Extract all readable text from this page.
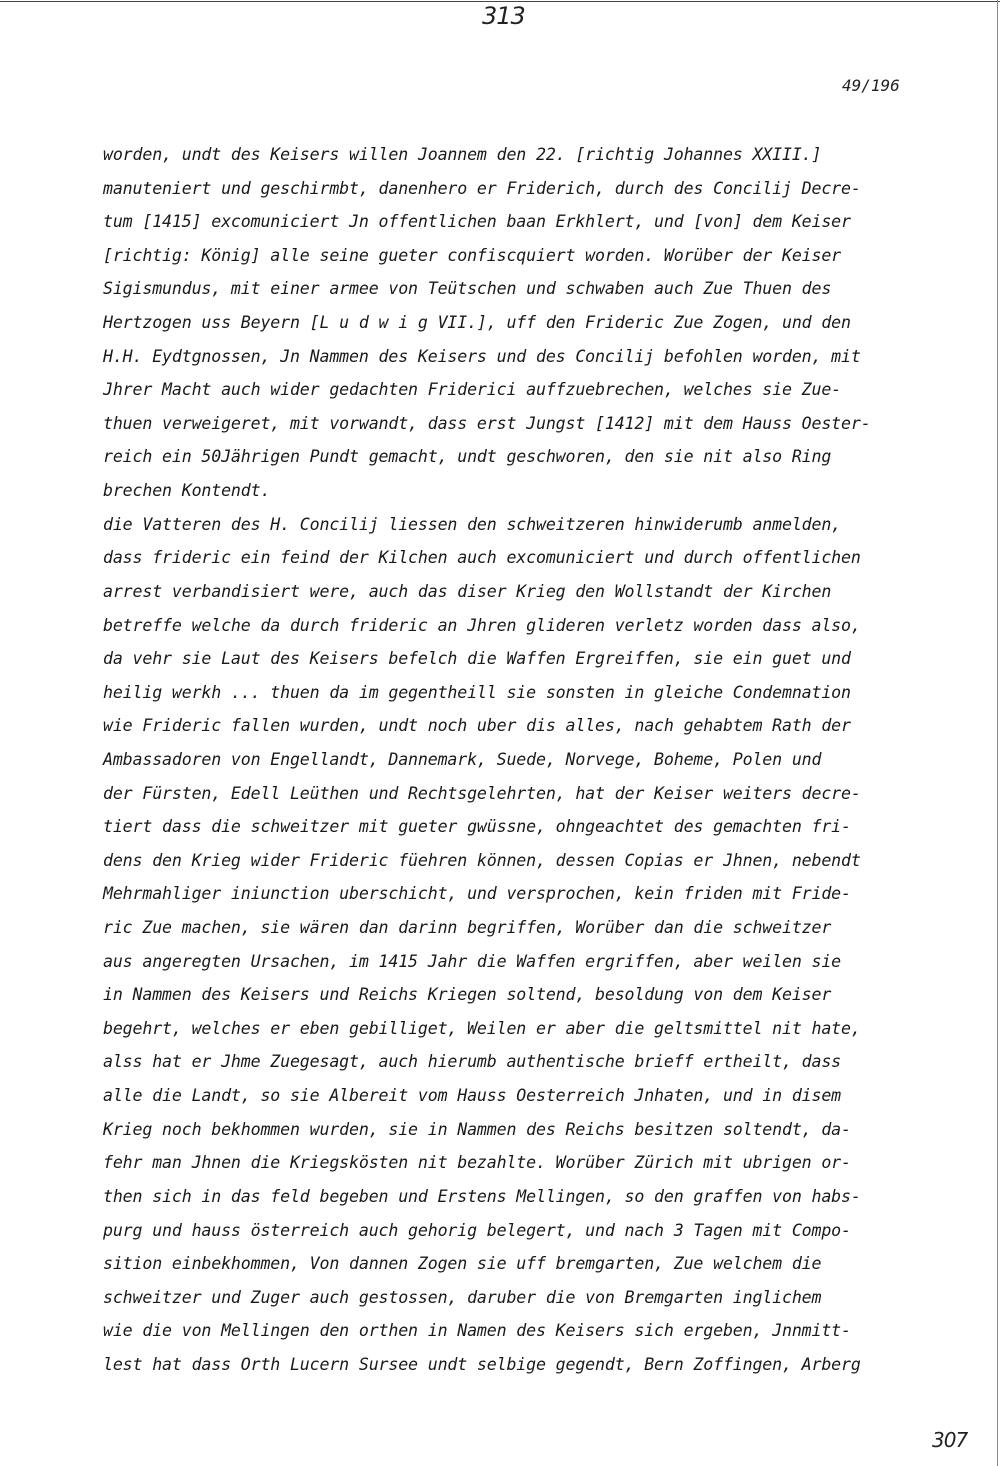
313
49/196
worden, undt des Keisers willen Joannem den 22. [richtig Johannes XXIII.]
manuteniert und geschirmbt, danenhero er Friderich, durch des Concilij Decre-
tum [1415] excomuniciert Jn offentlichen baan Erkhlert, und [von] dem Keiser
[richtig: König] alle seine gueter confiscquiert worden. Worüber der Keiser
Sigismundus, mit einer armee von Teütschen und schwaben auch Zue Thuen des
Hertzogen uss Beyern [L u d w i g VII.], uff den Frideric Zue Zogen, und den
H.H. Eydtgnossen, Jn Nammen des Keisers und des Concilij befohlen worden, mit
Jhrer Macht auch wider gedachten Friderici auffzuebrechen, welches sie Zue-
thuen verweigeret, mit vorwandt, dass erst Jungst [1412] mit dem Hauss Oester-
reich ein 50Jährigen Pundt gemacht, undt geschworen, den sie nit also Ring
brechen Kontendt.
die Vatteren des H. Concilij liessen den schweitzeren hinwiderumb anmelden,
dass frideric ein feind der Kilchen auch excomuniciert und durch offentlichen
arrest verbandisiert were, auch das diser Krieg den Wollstandt der Kirchen
betreffe welche da durch frideric an Jhren glideren verletz worden dass also,
da vehr sie Laut des Keisers befelch die Waffen Ergreiffen, sie ein guet und
heilig werkh ... thuen da im gegentheill sie sonsten in gleiche Condemnation
wie Frideric fallen wurden, undt noch uber dis alles, nach gehabtem Rath der
Ambassadoren von Engellandt, Dannemark, Suede, Norvege, Boheme, Polen und
der Fürsten, Edell Leüthen und Rechtsgelehrten, hat der Keiser weiters decre-
tiert dass die schweitzer mit gueter gwüssne, ohngeachtet des gemachten fri-
dens den Krieg wider Frideric füehren können, dessen Copias er Jhnen, nebendt
Mehrmahliger iniunction uberschicht, und versprochen, kein friden mit Fride-
ric Zue machen, sie wären dan darinn begriffen, Worüber dan die schweitzer
aus angeregten Ursachen, im 1415 Jahr die Waffen ergriffen, aber weilen sie
in Nammen des Keisers und Reichs Kriegen soltend, besoldung von dem Keiser
begehrt, welches er eben gebilliget, Weilen er aber die geltsmittel nit hate,
alss hat er Jhme Zuegesagt, auch hierumb authentische brieff ertheilt, dass
alle die Landt, so sie Albereit vom Hauss Oesterreich Jnhaten, und in disem
Krieg noch bekhommen wurden, sie in Nammen des Reichs besitzen soltendt, da-
fehr man Jhnen die Kriegskösten nit bezahlte. Worüber Zürich mit ubrigen or-
then sich in das feld begeben und Erstens Mellingen, so den graffen von habs-
purg und hauss österreich auch gehorig belegert, und nach 3 Tagen mit Compo-
sition einbekhommen, Von dannen Zogen sie uff bremgarten, Zue welchem die
schweitzer und Zuger auch gestossen, daruber die von Bremgarten inglichem
wie die von Mellingen den orthen in Namen des Keisers sich ergeben, Jnnmitt-
lest hat dass Orth Lucern Sursee undt selbige gegendt, Bern Zoffingen, Arberg
307
